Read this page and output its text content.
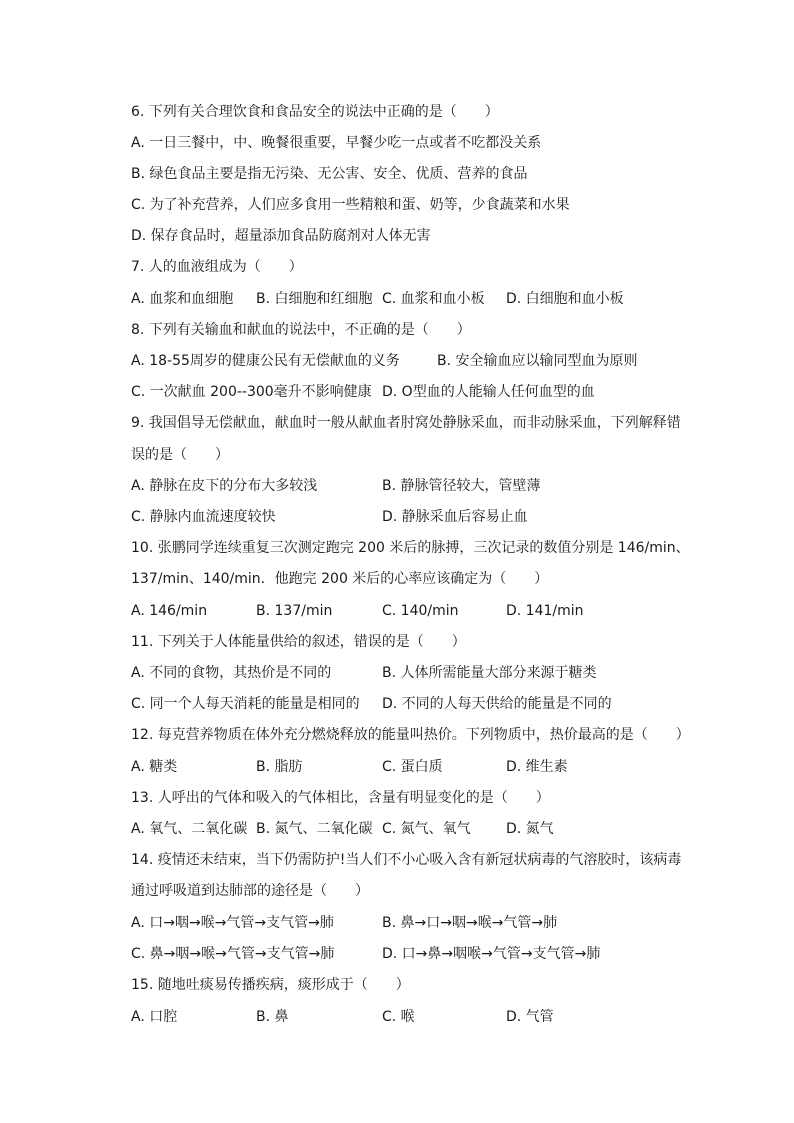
6. 下列有关合理饮食和食品安全的说法中正确的是（　　）
A. 一日三餐中，中、晚餐很重要，早餐少吃一点或者不吃都没关系
B. 绿色食品主要是指无污染、无公害、安全、优质、营养的食品
C. 为了补充营养，人们应多食用一些精粮和蛋、奶等，少食蔬菜和水果
D. 保存食品时，超量添加食品防腐剂对人体无害
7. 人的血液组成为（　　）
A. 血浆和血细胞 B. 白细胞和红细胞 C. 血浆和血小板 D. 白细胞和血小板
8. 下列有关输血和献血的说法中，不正确的是（　　）
A. 18-55周岁的健康公民有无偿献血的义务	B. 安全输血应以输同型血为原则
C. 一次献血 200--300毫升不影响健康 D. O型血的人能输人任何血型的血
9. 我国倡导无偿献血，献血时一般从献血者肘窝处静脉采血，而非动脉采血，下列解释错
误的是（　　）
A. 静脉在皮下的分布大多较浅	B. 静脉管径较大，管壁薄
C. 静脉内血流速度较快	D. 静脉采血后容易止血
10. 张鹏同学连续重复三次测定跑完 200 米后的脉搏，三次记录的数值分别是 146/min、
137/min、140/min．他跑完 200 米后的心率应该确定为（　　）
A. 146/min	B. 137/min	C. 140/min	D. 141/min
11. 下列关于人体能量供给的叙述，错误的是（　　）
A. 不同的食物，其热价是不同的	B. 人体所需能量大部分来源于糖类
C. 同一个人每天消耗的能量是相同的 D. 不同的人每天供给的能量是不同的
12. 每克营养物质在体外充分燃烧释放的能量叫热价。下列物质中，热价最高的是（　　）
A. 糖类	B. 脂肪	C. 蛋白质	D. 维生素
13. 人呼出的气体和吸入的气体相比，含量有明显变化的是（　　）
A. 氧气、二氧化碳 B. 氮气、二氧化碳 C. 氮气、氧气	D. 氮气
14. 疫情还未结束，当下仍需防护!当人们不小心吸入含有新冠状病毒的气溶胶时，该病毒
通过呼吸道到达肺部的途径是（　　）
A. 口→咽→喉→气管→支气管→肺	B. 鼻→口→咽→喉→气管→肺
C. 鼻→咽→喉→气管→支气管→肺	D. 口→鼻→咽喉→气管→支气管→肺
15. 随地吐痰易传播疾病，痰形成于（　　）
A. 口腔	B. 鼻	C. 喉	D. 气管
